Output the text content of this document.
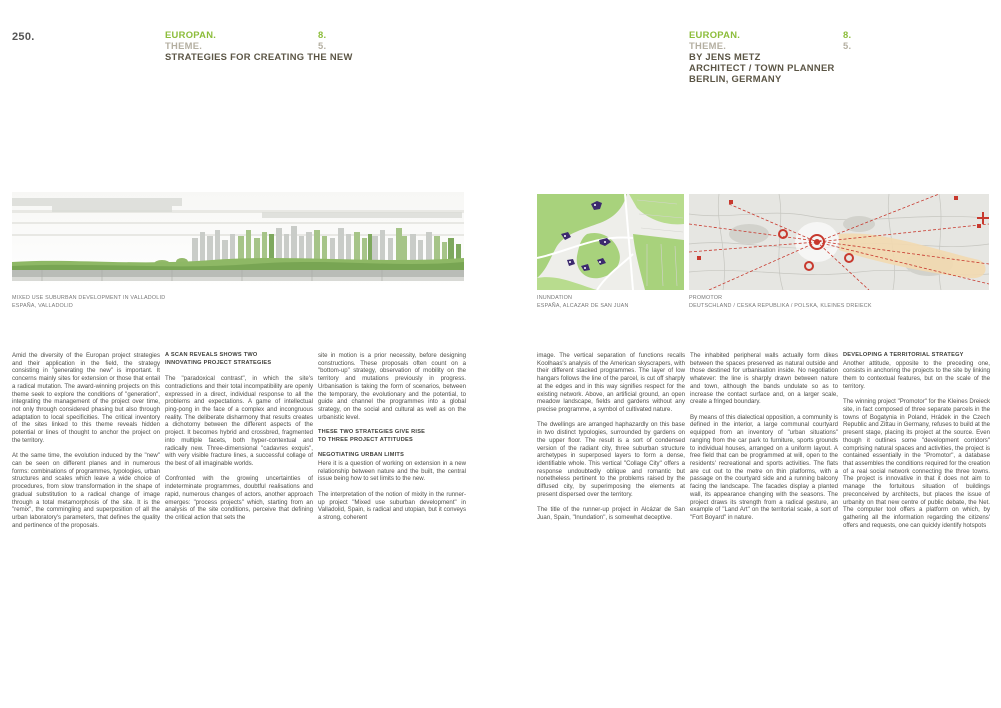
250.	EUROPAN.
THEME.
STRATEGIES FOR CREATING THE NEW
8.
5.
EUROPAN.
THEME.
BY JENS METZ
ARCHITECT / TOWN PLANNER
BERLIN, GERMANY
8.
5.
MIXED USE SUBURBAN DEVELOPMENT IN VALLADOLID
ESPAÑA, VALLADOLID
INUNDATION
ESPAÑA, ALCAZAR DE SAN JUAN
PROMOTOR
DEUTSCHLAND / CESKA REPUBLIKA / POLSKA, KLEINES DREIECK

Amid the diversity of the Europan project strategies and their application in the field, the strategy consisting in "generating the new" is important. It concerns mainly sites for extension or those that entail a radical mutation. The award-winning projects on this theme seek to explore the conditions of "generation", integrating the management of the project over time, not only through considered phasing but also through adaptation to local specificities. The critical inventory of the sites linked to this theme reveals hidden potential or lines of thought to anchor the project on the territory.

At the same time, the evolution induced by the "new" can be seen on different planes and in numerous forms: combinations of programmes, typologies, urban structures and scales which leave a wide choice of procedures, from slow transformation in the shape of gradual substitution to a radical change of image through a total metamorphosis of the site. It is the "remix", the commingling and superposition of all the urban laboratory's parameters, that defines the quality and pertinence of the proposals.

A SCAN REVEALS SHOWS TWO
INNOVATING PROJECT STRATEGIES

The "paradoxical contrast", in which the site's contradictions and their total incompatibility are openly expressed in a direct, individual response to all the problems and expectations. A game of intellectual ping-pong in the face of a complex and incongruous reality. The deliberate disharmony that results creates a dichotomy between the different aspects of the project. It becomes hybrid and crossbred, fragmented into multiple facets, both hyper-contextual and radically new. Three-dimensional "cadavres exquis", with very visible fracture lines, a successful collage of the best of all imaginable worlds.

Confronted with the growing uncertainties of indeterminate programmes, doubtful realisations and rapid, numerous changes of actors, another approach emerges: "process projects" which, starting from an analysis of the site conditions, perceive that defining the critical action that sets the

site in motion is a prior necessity, before designing constructions. These proposals often count on a "bottom-up" strategy, observation of mobility on the territory and mutations previously in progress. Urbanisation is taking the form of scenarios, between the temporary, the evolutionary and the potential, to guide and channel the programmes into a global strategy, on the social and cultural as well as on the urbanistic level.

THESE TWO STRATEGIES GIVE RISE
TO THREE PROJECT ATTITUDES
NEGOTIATING URBAN LIMITS

Here it is a question of working on extension in a new relationship between nature and the built, the central issue being how to set limits to the new.

The interpretation of the notion of mixity in the runner-up project "Mixed use suburban development" in Valladolid, Spain, is radical and utopian, but it conveys a strong, coherent

image. The vertical separation of functions recalls Koolhaas's analysis of the American skyscrapers, with their different stacked programmes. The layer of low hangars follows the line of the parcel, is cut off sharply at the edges and in this way signifies respect for the existing network. Above, an artificial ground, an open meadow landscape, fields and gardens without any precise programme, a symbol of cultivated nature.

The dwellings are arranged haphazardly on this base in two distinct typologies, surrounded by gardens on the upper floor. The result is a sort of condensed version of the radiant city, three suburban structure archetypes in superposed layers to form a dense, identifiable whole. This vertical "Collage City" offers a response undoubtedly oblique and romantic but nonetheless pertinent to the problems raised by the diffused city, by superimposing the elements at present dispersed over the territory.

The title of the runner-up project in Alcázar de San Juan, Spain, "Inundation", is somewhat deceptive.

The inhabited peripheral walls actually form dikes between the spaces preserved as natural outside and those destined for urbanisation inside. No negotiation whatever: the line is sharply drawn between nature and town, although the bands undulate so as to increase the contact surface and, on a larger scale, create a fringed boundary.

By means of this dialectical opposition, a community is defined in the interior, a large communal courtyard equipped from an inventory of "urban situations" ranging from the car park to furniture, sports grounds to individual houses, arranged on a uniform layout. A free field that can be programmed at will, open to the residents' recreational and sports activities. The flats are cut out to the metre on thin platforms, with a passage on the courtyard side and a running balcony facing the landscape. The facades display a planted wall, its appearance changing with the seasons. The project draws its strength from a radical gesture, an example of "Land Art" on the territorial scale, a sort of "Fort Boyard" in nature.

DEVELOPING A TERRITORIAL STRATEGY

Another attitude, opposite to the preceding one, consists in anchoring the projects to the site by linking them to contextual features, but on the scale of the territory.

The winning project "Promotor" for the Kleines Dreieck site, in fact composed of three separate parcels in the towns of Bogatynia in Poland, Hrádek in the Czech Republic and Zittau in Germany, refuses to build at the present stage, placing its project at the source. Even though it outlines some "development corridors" comprising natural spaces and activities, the project is contained essentially in the "Promotor", a database that assembles the conditions required for the creation of a real social network connecting the three towns. The project is innovative in that it does not aim to manage the fortuitous situation of buildings preconceived by architects, but places the issue of urbanity on that new centre of public debate, the Net. The computer tool offers a platform on which, by gathering all the information regarding the citizens' offers and requests, one can quickly identify hotspots
